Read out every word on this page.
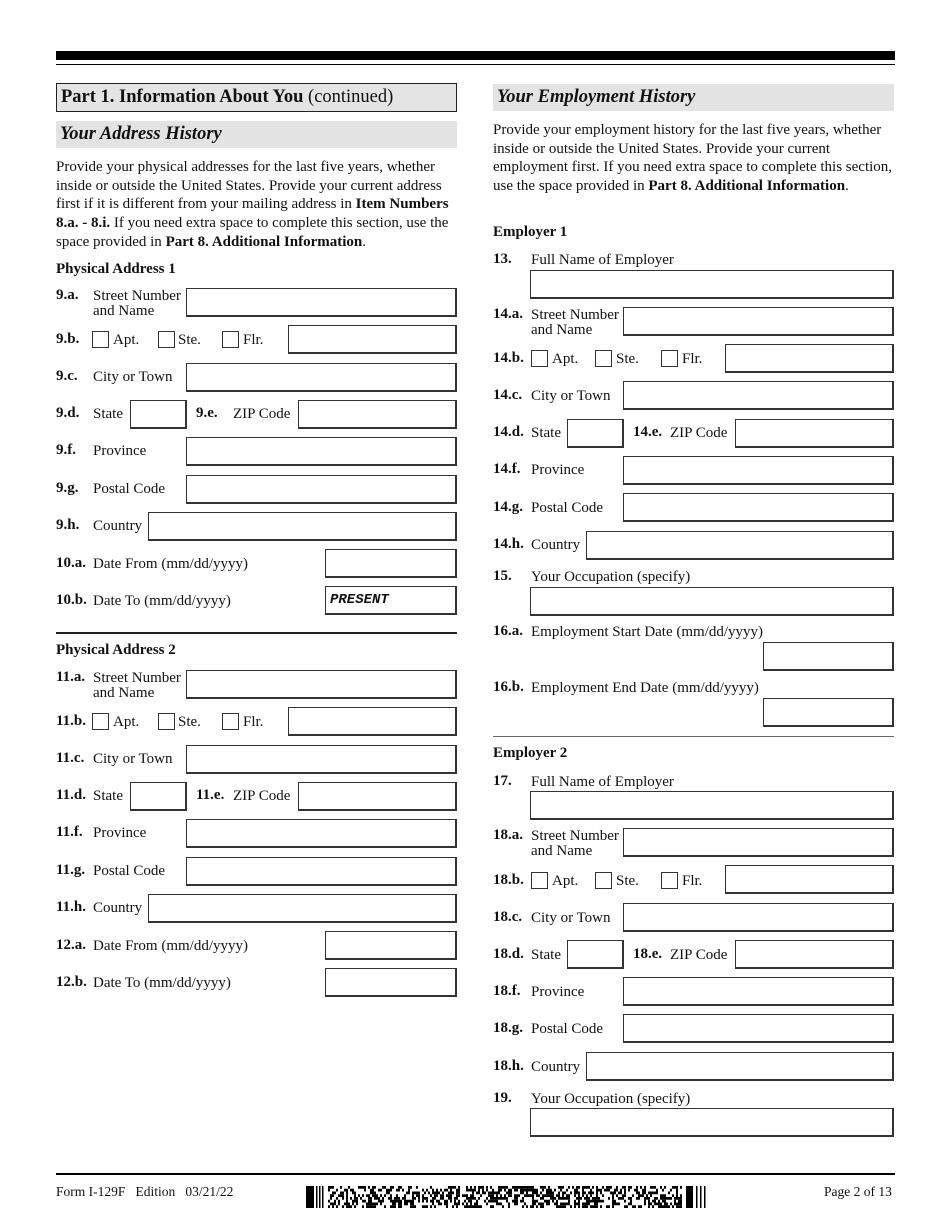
Part 1. Information About You (continued)
Your Address History
Provide your physical addresses for the last five years, whether inside or outside the United States. Provide your current address first if it is different from your mailing address in Item Numbers 8.a. - 8.i. If you need extra space to complete this section, use the space provided in Part 8. Additional Information.
Physical Address 1
9.a. Street Number
and Name
9.b. Apt.	Ste.	Flr.
9.c. City or Town
9.d. State	9.e. ZIP Code
9.f. Province
9.g. Postal Code
9.h. Country
10.a. Date From (mm/dd/yyyy)
10.b. Date To (mm/dd/yyyy)	PRESENT
Physical Address 2
11.a. Street Number
and Name
11.b. Apt.	Ste.	Flr.
11.c. City or Town
11.d. State	11.e. ZIP Code
11.f. Province
11.g. Postal Code
11.h. Country
12.a. Date From (mm/dd/yyyy)
12.b. Date To (mm/dd/yyyy)
Your Employment History
Provide your employment history for the last five years, whether inside or outside the United States. Provide your current employment first. If you need extra space to complete this section, use the space provided in Part 8. Additional Information.
Employer 1
13. Full Name of Employer
14.a. Street Number
and Name
14.b. Apt.	Ste.	Flr.
14.c. City or Town
14.d. State	14.e. ZIP Code
14.f. Province
14.g. Postal Code
14.h. Country
15. Your Occupation (specify)
16.a. Employment Start Date (mm/dd/yyyy)
16.b. Employment End Date (mm/dd/yyyy)
Employer 2
17. Full Name of Employer
18.a. Street Number
and Name
18.b. Apt.	Ste.	Flr.
18.c. City or Town
18.d. State	18.e. ZIP Code
18.f. Province
18.g. Postal Code
18.h. Country
19. Your Occupation (specify)
Form I-129F   Edition   03/21/22	Page 2 of 13
